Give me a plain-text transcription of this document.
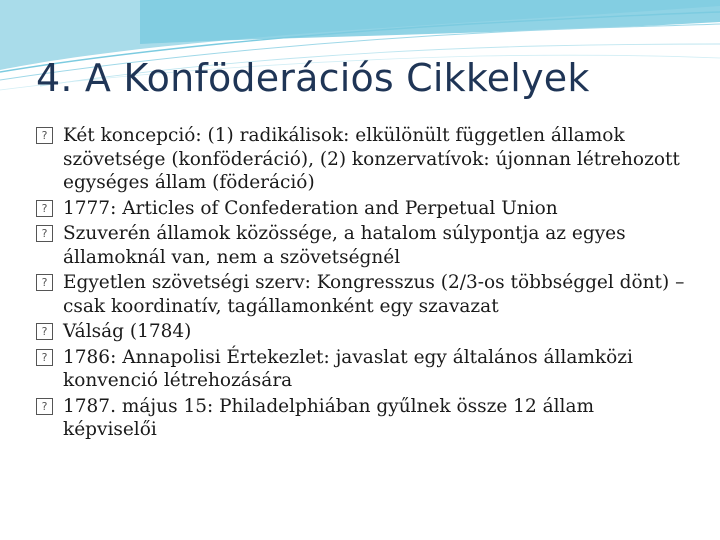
4. A Konföderációs Cikkelyek
? Két koncepció: (1) radikálisok: elkülönült független államok szövetsége (konföderáció), (2) konzervatívok: újonnan létrehozott egységes állam (föderáció)
? 1777: Articles of Confederation and Perpetual Union
? Szuverén államok közössége, a hatalom súlypontja az egyes államoknál van, nem a szövetségnél
? Egyetlen szövetségi szerv: Kongresszus (2/3-os többséggel dönt) – csak koordinatív, tagállamonként egy szavazat
? Válság (1784)
? 1786: Annapolisi Értekezlet: javaslat egy általános államközi konvenció létrehozására
? 1787. május 15: Philadelphiában gyűlnek össze 12 állam képviselői
